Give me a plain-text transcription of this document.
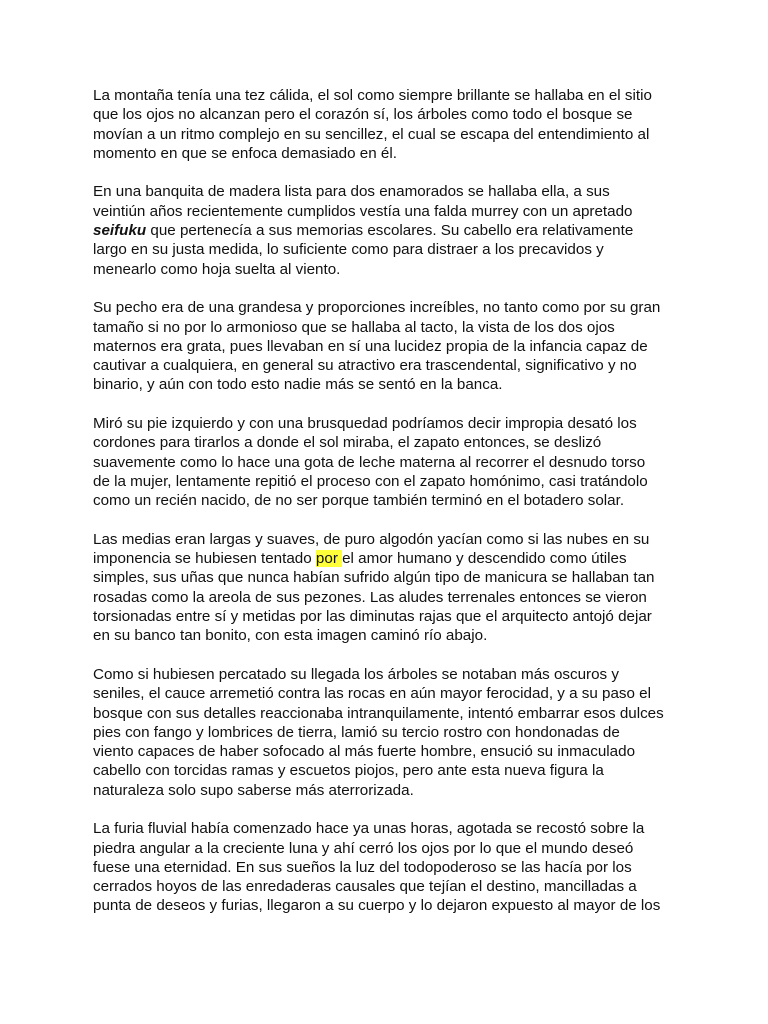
La montaña tenía una tez cálida, el sol como siempre brillante se hallaba en el sitio
que los ojos no alcanzan pero el corazón sí, los árboles como todo el bosque se
movían a un ritmo complejo en su sencillez, el cual se escapa del entendimiento al
momento en que se enfoca demasiado en él.

En una banquita de madera lista para dos enamorados se hallaba ella, a sus
veintiún años recientemente cumplidos vestía una falda murrey con un apretado
seifuku que pertenecía a sus memorias escolares. Su cabello era relativamente
largo en su justa medida, lo suficiente como para distraer a los precavidos y
menearlo como hoja suelta al viento.

Su pecho era de una grandesa y proporciones increíbles, no tanto como por su gran
tamaño si no por lo armonioso que se hallaba al tacto, la vista de los dos ojos
maternos era grata, pues llevaban en sí una lucidez propia de la infancia capaz de
cautivar a cualquiera, en general su atractivo era trascendental, significativo y no
binario, y aún con todo esto nadie más se sentó en la banca.

Miró su pie izquierdo y con una brusquedad podríamos decir impropia desató los
cordones para tirarlos a donde el sol miraba, el zapato entonces, se deslizó
suavemente como lo hace una gota de leche materna al recorrer el desnudo torso
de la mujer, lentamente repitió el proceso con el zapato homónimo, casi tratándolo
como un recién nacido, de no ser porque también terminó en el botadero solar.

Las medias eran largas y suaves, de puro algodón yacían como si las nubes en su
imponencia se hubiesen tentado por el amor humano y descendido como útiles
simples, sus uñas que nunca habían sufrido algún tipo de manicura se hallaban tan
rosadas como la areola de sus pezones. Las aludes terrenales entonces se vieron
torsionadas entre sí y metidas por las diminutas rajas que el arquitecto antojó dejar
en su banco tan bonito, con esta imagen caminó río abajo.

Como si hubiesen percatado su llegada los árboles se notaban más oscuros y
seniles, el cauce arremetió contra las rocas en aún mayor ferocidad, y a su paso el
bosque con sus detalles reaccionaba intranquilamente, intentó embarrar esos dulces
pies con fango y lombrices de tierra, lamió su tercio rostro con hondonadas de
viento capaces de haber sofocado al más fuerte hombre, ensució su inmaculado
cabello con torcidas ramas y escuetos piojos, pero ante esta nueva figura la
naturaleza solo supo saberse más aterrorizada.

La furia fluvial había comenzado hace ya unas horas, agotada se recostó sobre la
piedra angular a la creciente luna y ahí cerró los ojos por lo que el mundo deseó
fuese una eternidad. En sus sueños la luz del todopoderoso se las hacía por los
cerrados hoyos de las enredaderas causales que tejían el destino, mancilladas a
punta de deseos y furias, llegaron a su cuerpo y lo dejaron expuesto al mayor de los
